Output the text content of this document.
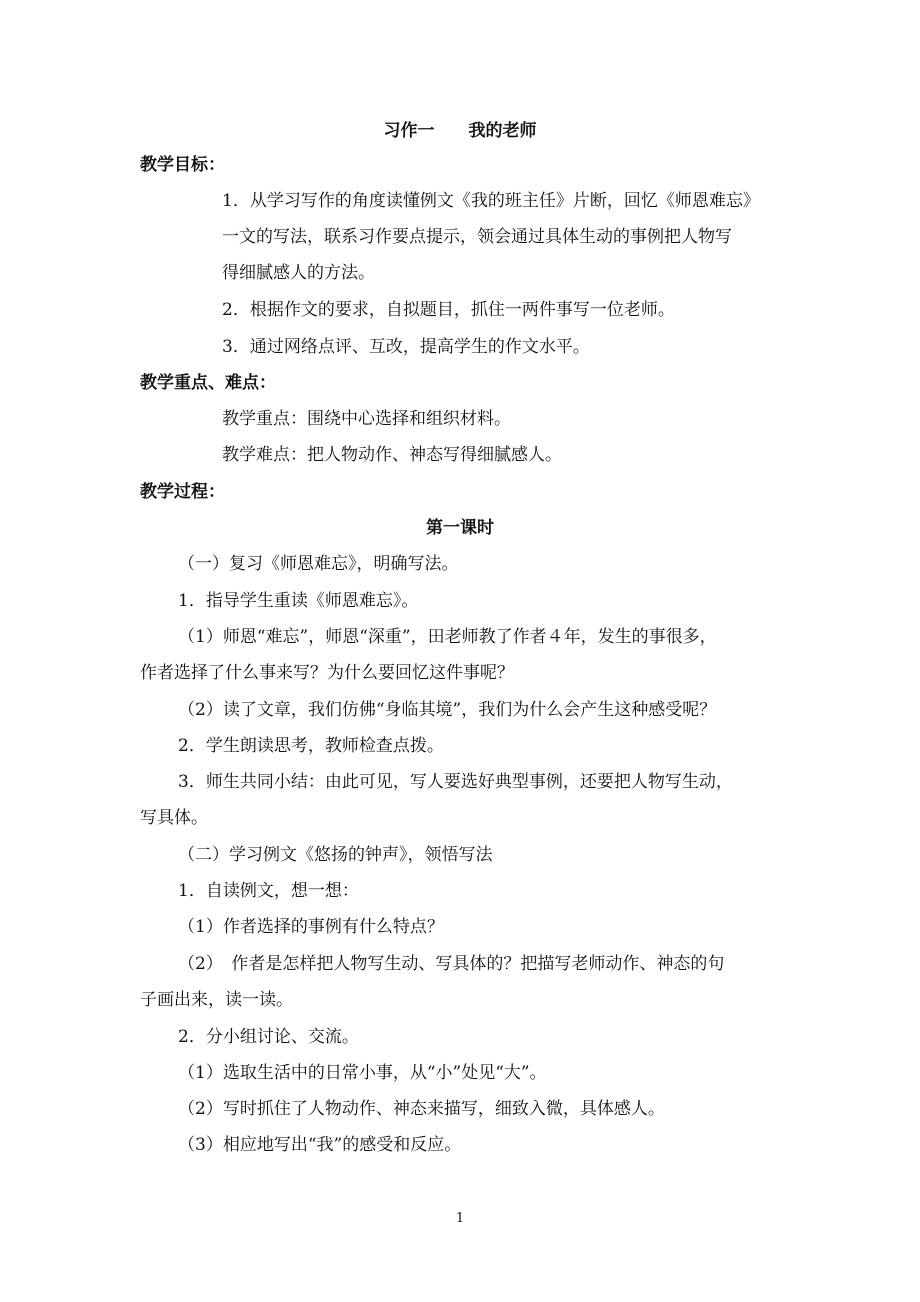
习作一　　我的老师
教学目标：
1．从学习写作的角度读懂例文《我的班主任》片断，回忆《师恩难忘》
一文的写法，联系习作要点提示，领会通过具体生动的事例把人物写
得细腻感人的方法。
2．根据作文的要求，自拟题目，抓住一两件事写一位老师。
3．通过网络点评、互改，提高学生的作文水平。
教学重点、难点：
教学重点：围绕中心选择和组织材料。
教学难点：把人物动作、神态写得细腻感人。
教学过程：
第一课时
（一）复习《师恩难忘》，明确写法。
1．指导学生重读《师恩难忘》。
（1）师恩“难忘”，师恩“深重”，田老师教了作者４年，发生的事很多，
作者选择了什么事来写？为什么要回忆这件事呢？
（2）读了文章，我们仿佛“身临其境”，我们为什么会产生这种感受呢？
2．学生朗读思考，教师检查点拨。
3．师生共同小结：由此可见，写人要选好典型事例，还要把人物写生动，
写具体。
（二）学习例文《悠扬的钟声》，领悟写法
1．自读例文，想一想：
（1）作者选择的事例有什么特点？
（2）　作者是怎样把人物写生动、写具体的？把描写老师动作、神态的句
子画出来，读一读。
2．分小组讨论、交流。
（1）选取生活中的日常小事，从“小”处见“大”。
（2）写时抓住了人物动作、神态来描写，细致入微，具体感人。
（3）相应地写出“我”的感受和反应。
1
